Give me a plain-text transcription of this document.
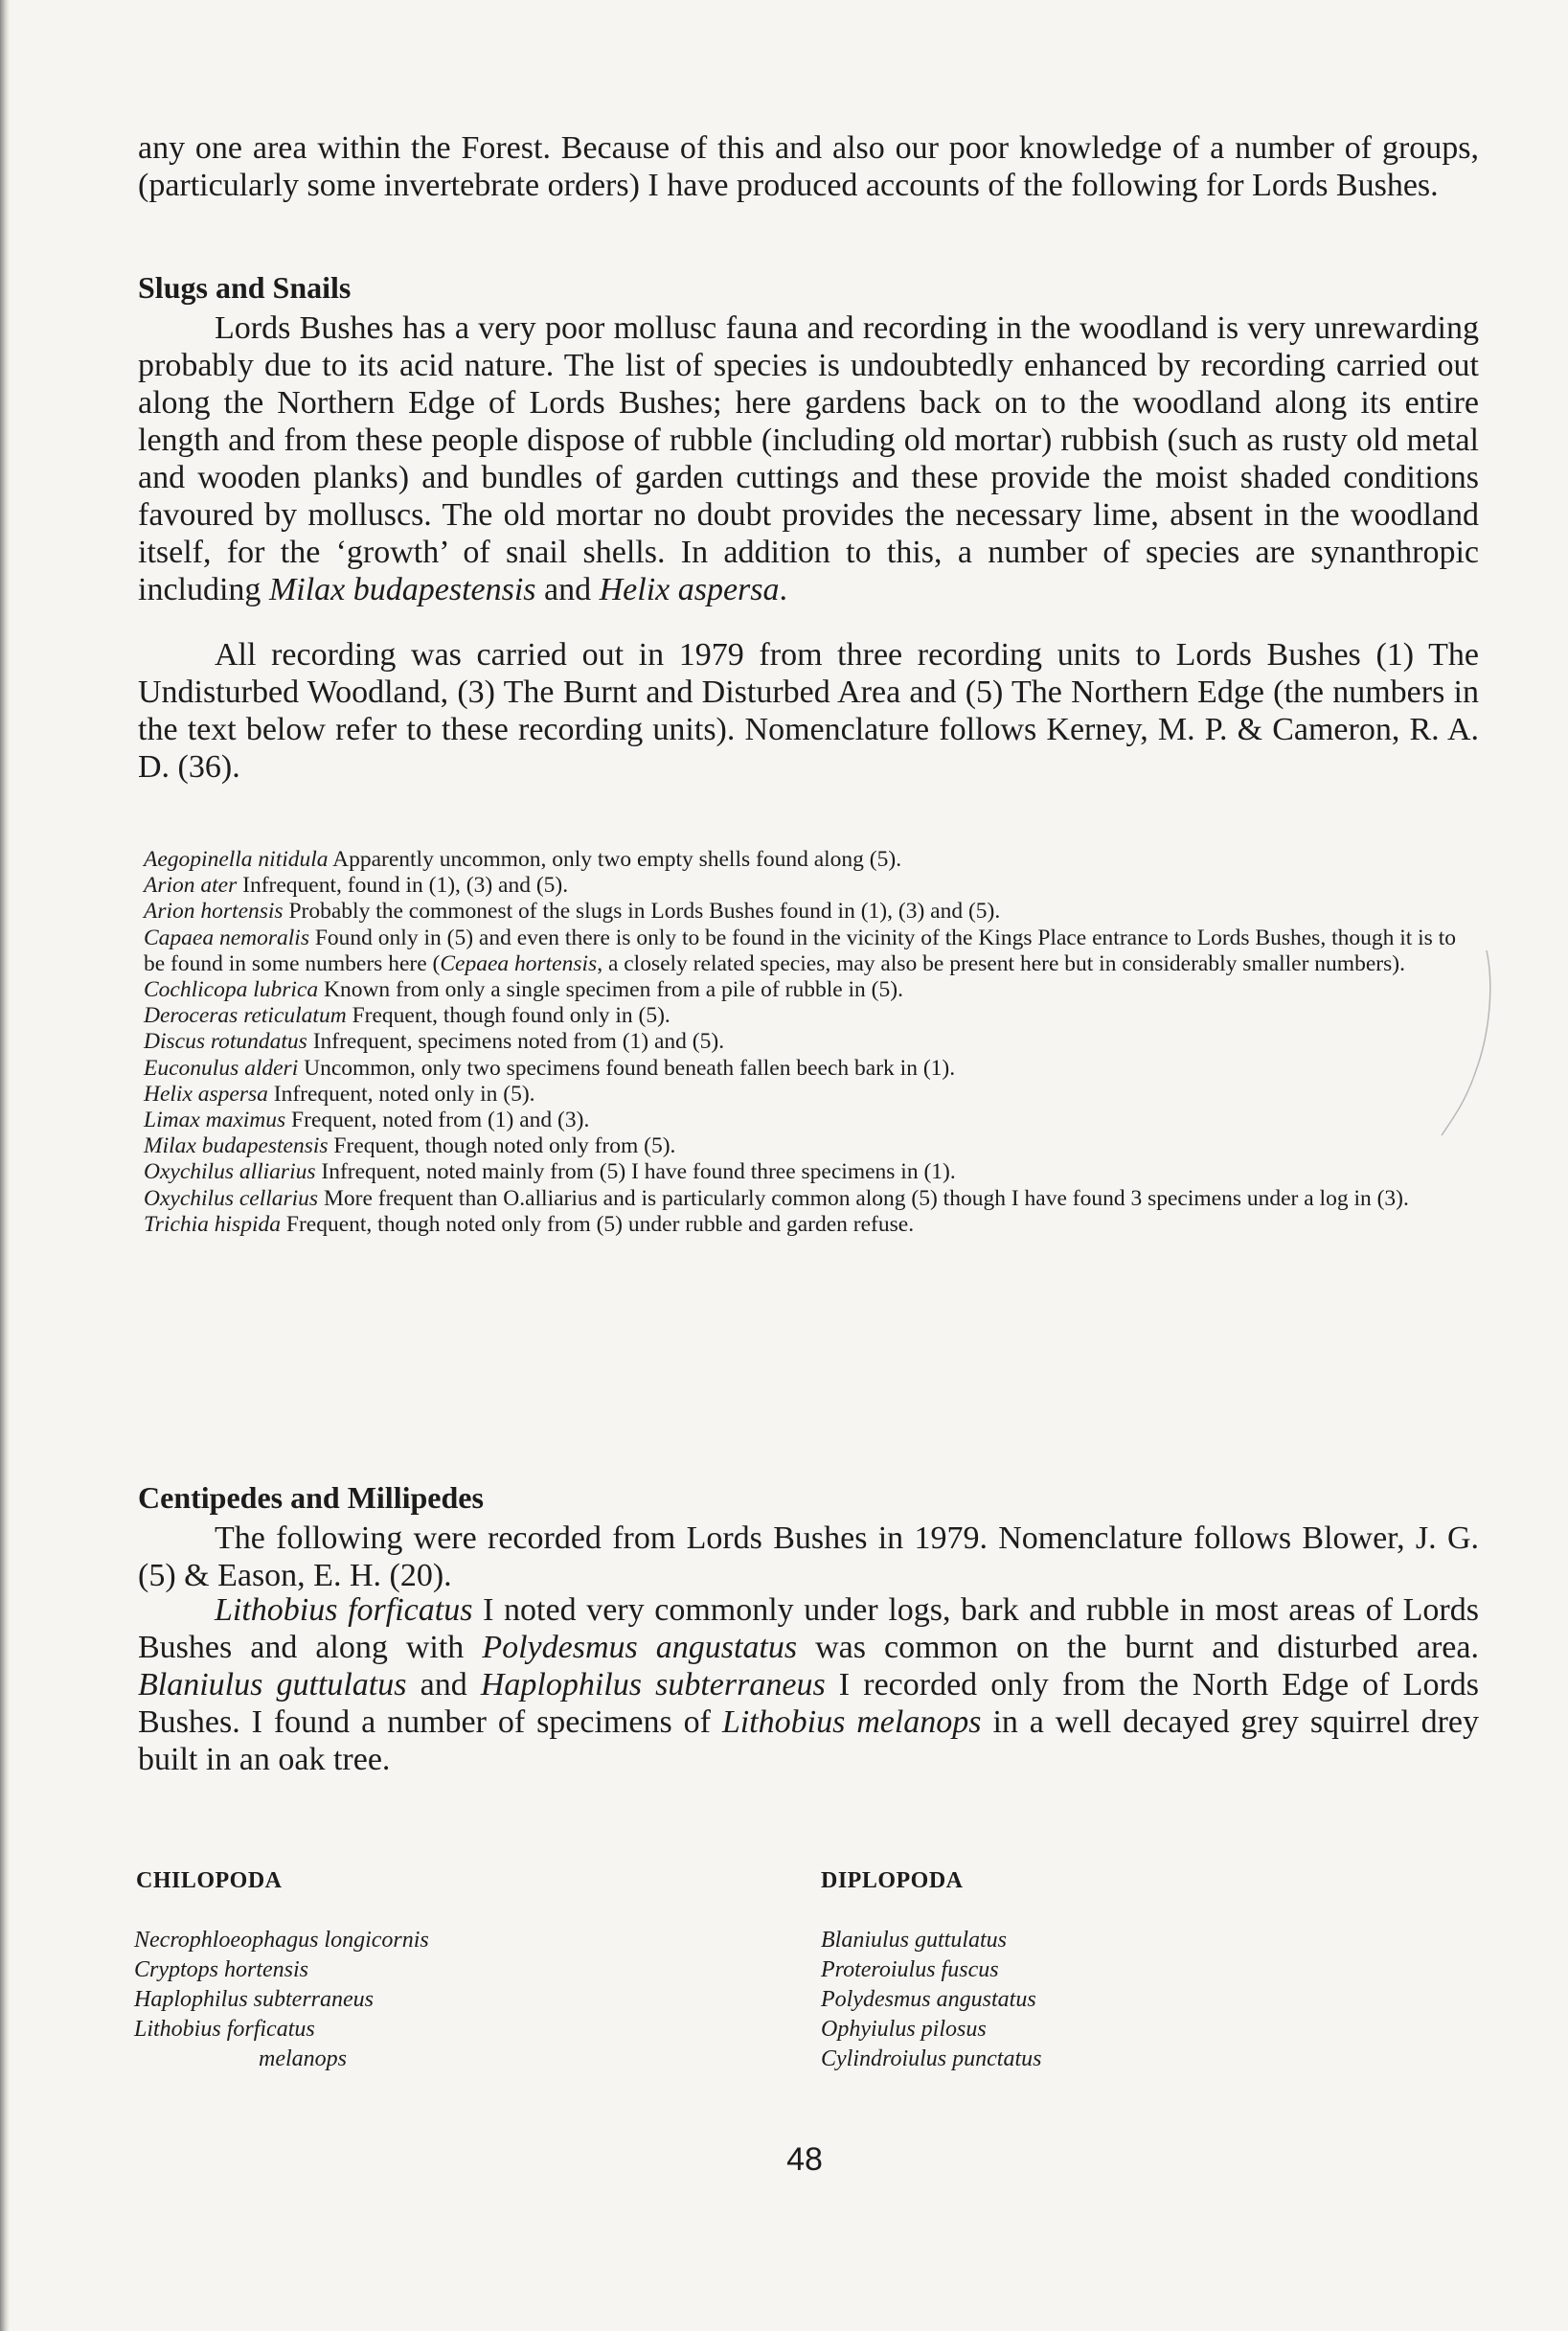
any one area within the Forest. Because of this and also our poor knowledge of a number of groups, (particularly some invertebrate orders) I have produced accounts of the following for Lords Bushes.

Slugs and Snails

Lords Bushes has a very poor mollusc fauna and recording in the woodland is very unrewarding probably due to its acid nature. The list of species is undoubtedly enhanced by recording carried out along the Northern Edge of Lords Bushes; here gardens back on to the woodland along its entire length and from these people dispose of rubble (including old mortar) rubbish (such as rusty old metal and wooden planks) and bundles of garden cuttings and these provide the moist shaded conditions favoured by molluscs. The old mortar no doubt provides the necessary lime, absent in the woodland itself, for the ‘growth’ of snail shells. In addition to this, a number of species are synanthropic including Milax budapestensis and Helix aspersa.

All recording was carried out in 1979 from three recording units to Lords Bushes (1) The Undisturbed Woodland, (3) The Burnt and Disturbed Area and (5) The Northern Edge (the numbers in the text below refer to these recording units). Nomenclature follows Kerney, M. P. & Cameron, R. A. D. (36).

Aegopinella nitidula Apparently uncommon, only two empty shells found along (5).

Arion ater Infrequent, found in (1), (3) and (5).

Arion hortensis Probably the commonest of the slugs in Lords Bushes found in (1), (3) and (5).

Capaea nemoralis Found only in (5) and even there is only to be found in the vicinity of the Kings Place entrance to Lords Bushes, though it is to be found in some numbers here (Cepaea hortensis, a closely related species, may also be present here but in considerably smaller numbers).

Cochlicopa lubrica Known from only a single specimen from a pile of rubble in (5).

Deroceras reticulatum Frequent, though found only in (5).

Discus rotundatus Infrequent, specimens noted from (1) and (5).

Euconulus alderi Uncommon, only two specimens found beneath fallen beech bark in (1).

Helix aspersa Infrequent, noted only in (5).

Limax maximus Frequent, noted from (1) and (3).

Milax budapestensis Frequent, though noted only from (5).

Oxychilus alliarius Infrequent, noted mainly from (5) I have found three specimens in (1).

Oxychilus cellarius More frequent than O.alliarius and is particularly common along (5) though I have found 3 specimens under a log in (3).

Trichia hispida Frequent, though noted only from (5) under rubble and garden refuse.

Centipedes and Millipedes

The following were recorded from Lords Bushes in 1979. Nomenclature follows Blower, J. G. (5) & Eason, E. H. (20).

Lithobius forficatus I noted very commonly under logs, bark and rubble in most areas of Lords Bushes and along with Polydesmus angustatus was common on the burnt and disturbed area. Blaniulus guttulatus and Haplophilus subterraneus I recorded only from the North Edge of Lords Bushes. I found a number of specimens of Lithobius melanops in a well decayed grey squirrel drey built in an oak tree.

CHILOPODA
Necrophloeophagus longicornis
Cryptops hortensis
Haplophilus subterraneus
Lithobius forficatus
melanops
DIPLOPODA
Blaniulus guttulatus
Proteroiulus fuscus
Polydesmus angustatus
Ophyiulus pilosus
Cylindroiulus punctatus

48
